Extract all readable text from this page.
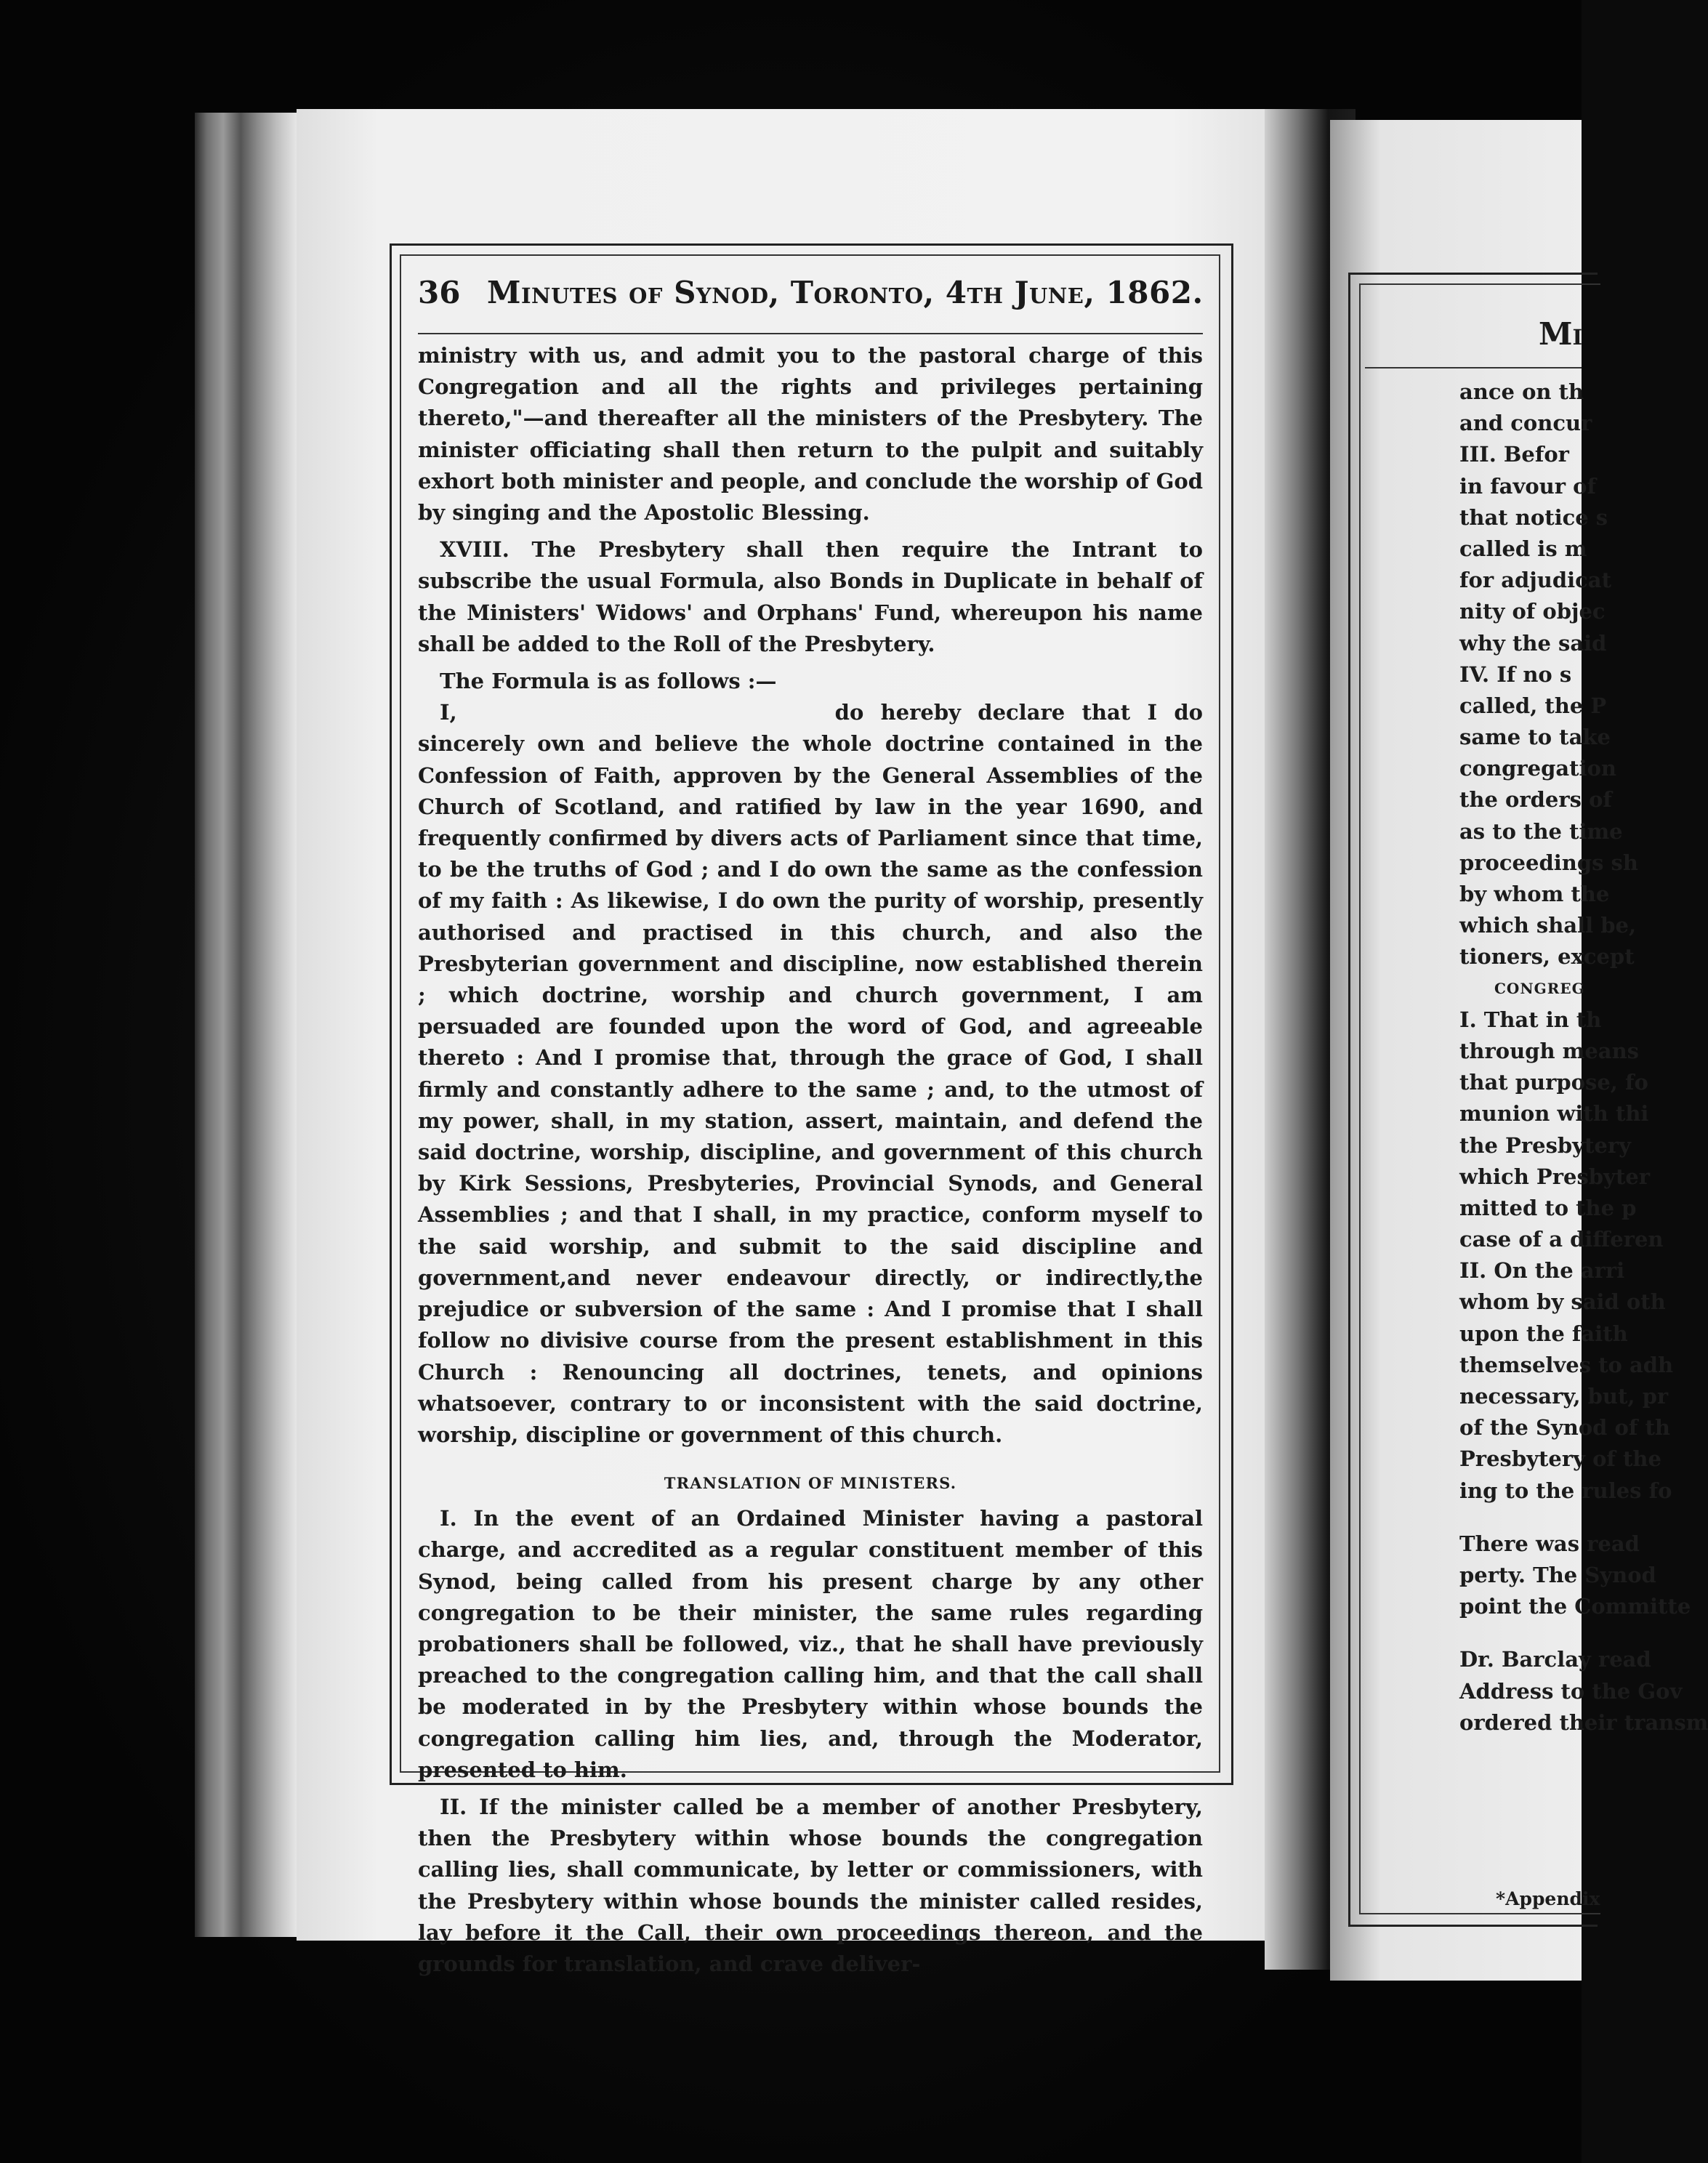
36 Minutes of Synod, Toronto, 4th June, 1862.

ministry with us, and admit you to the pastoral charge of this Congregation and all the rights and privileges pertaining thereto,"—and thereafter all the ministers of the Presbytery. The minister officiating shall then return to the pulpit and suitably exhort both minister and people, and conclude the worship of God by singing and the Apostolic Blessing.

XVIII. The Presbytery shall then require the Intrant to subscribe the usual Formula, also Bonds in Duplicate in behalf of the Ministers' Widows' and Orphans' Fund, whereupon his name shall be added to the Roll of the Presbytery.

The Formula is as follows :—

I,	do hereby declare that I do sincerely own and believe the whole doctrine contained in the Confession of Faith, approven by the General Assemblies of the Church of Scotland, and ratified by law in the year 1690, and frequently confirmed by divers acts of Parliament since that time, to be the truths of God ; and I do own the same as the confession of my faith : As likewise, I do own the purity of worship, presently authorised and practised in this church, and also the Presbyterian government and discipline, now established therein ; which doctrine, worship and church government, I am persuaded are founded upon the word of God, and agreeable thereto : And I promise that, through the grace of God, I shall firmly and constantly adhere to the same ; and, to the utmost of my power, shall, in my station, assert, maintain, and defend the said doctrine, worship, discipline, and government of this church by Kirk Sessions, Presbyteries, Provincial Synods, and General Assemblies ; and that I shall, in my practice, conform myself to the said worship, and submit to the said discipline and government,and never endeavour directly, or indirectly,the prejudice or subversion of the same : And I promise that I shall follow no divisive course from the present establishment in this Church : Renouncing all doctrines, tenets, and opinions whatsoever, contrary to or inconsistent with the said doctrine, worship, discipline or government of this church.

TRANSLATION OF MINISTERS.

I. In the event of an Ordained Minister having a pastoral charge, and accredited as a regular constituent member of this Synod, being called from his present charge by any other congregation to be their minister, the same rules regarding probationers shall be followed, viz., that he shall have previously preached to the congregation calling him, and that the call shall be moderated in by the Presbytery within whose bounds the congregation calling him lies, and, through the Moderator, presented to him.

II. If the minister called be a member of another Presbytery, then the Presbytery within whose bounds the congregation calling lies, shall communicate, by letter or commissioners, with the Presbytery within whose bounds the minister called resides, lay before it the Call, their own proceedings thereon, and the grounds for translation, and crave deliver-

Mi
ance on th
and concur
III. Befor
in favour of
that notice s
called is m
for adjudicat
nity of objec
why the said
IV. If no s
called, the P
same to take
congregation
the orders of
as to the time
proceedings sh
by whom the
which shall be,
tioners, except
CONGREG
I. That in th
through means
that purpose, fo
munion with thi
the Presbytery
which Presbyter
mitted to the p
case of a differen
II. On the arri
whom by said oth
upon the faith
themselves to adh
necessary, but, pr
of the Synod of th
Presbytery of the
ing to the rules fo
There was read
perty. The Synod
point the Committe
Dr. Barclay read
Address to the Gov
ordered their transm
*Appendix
